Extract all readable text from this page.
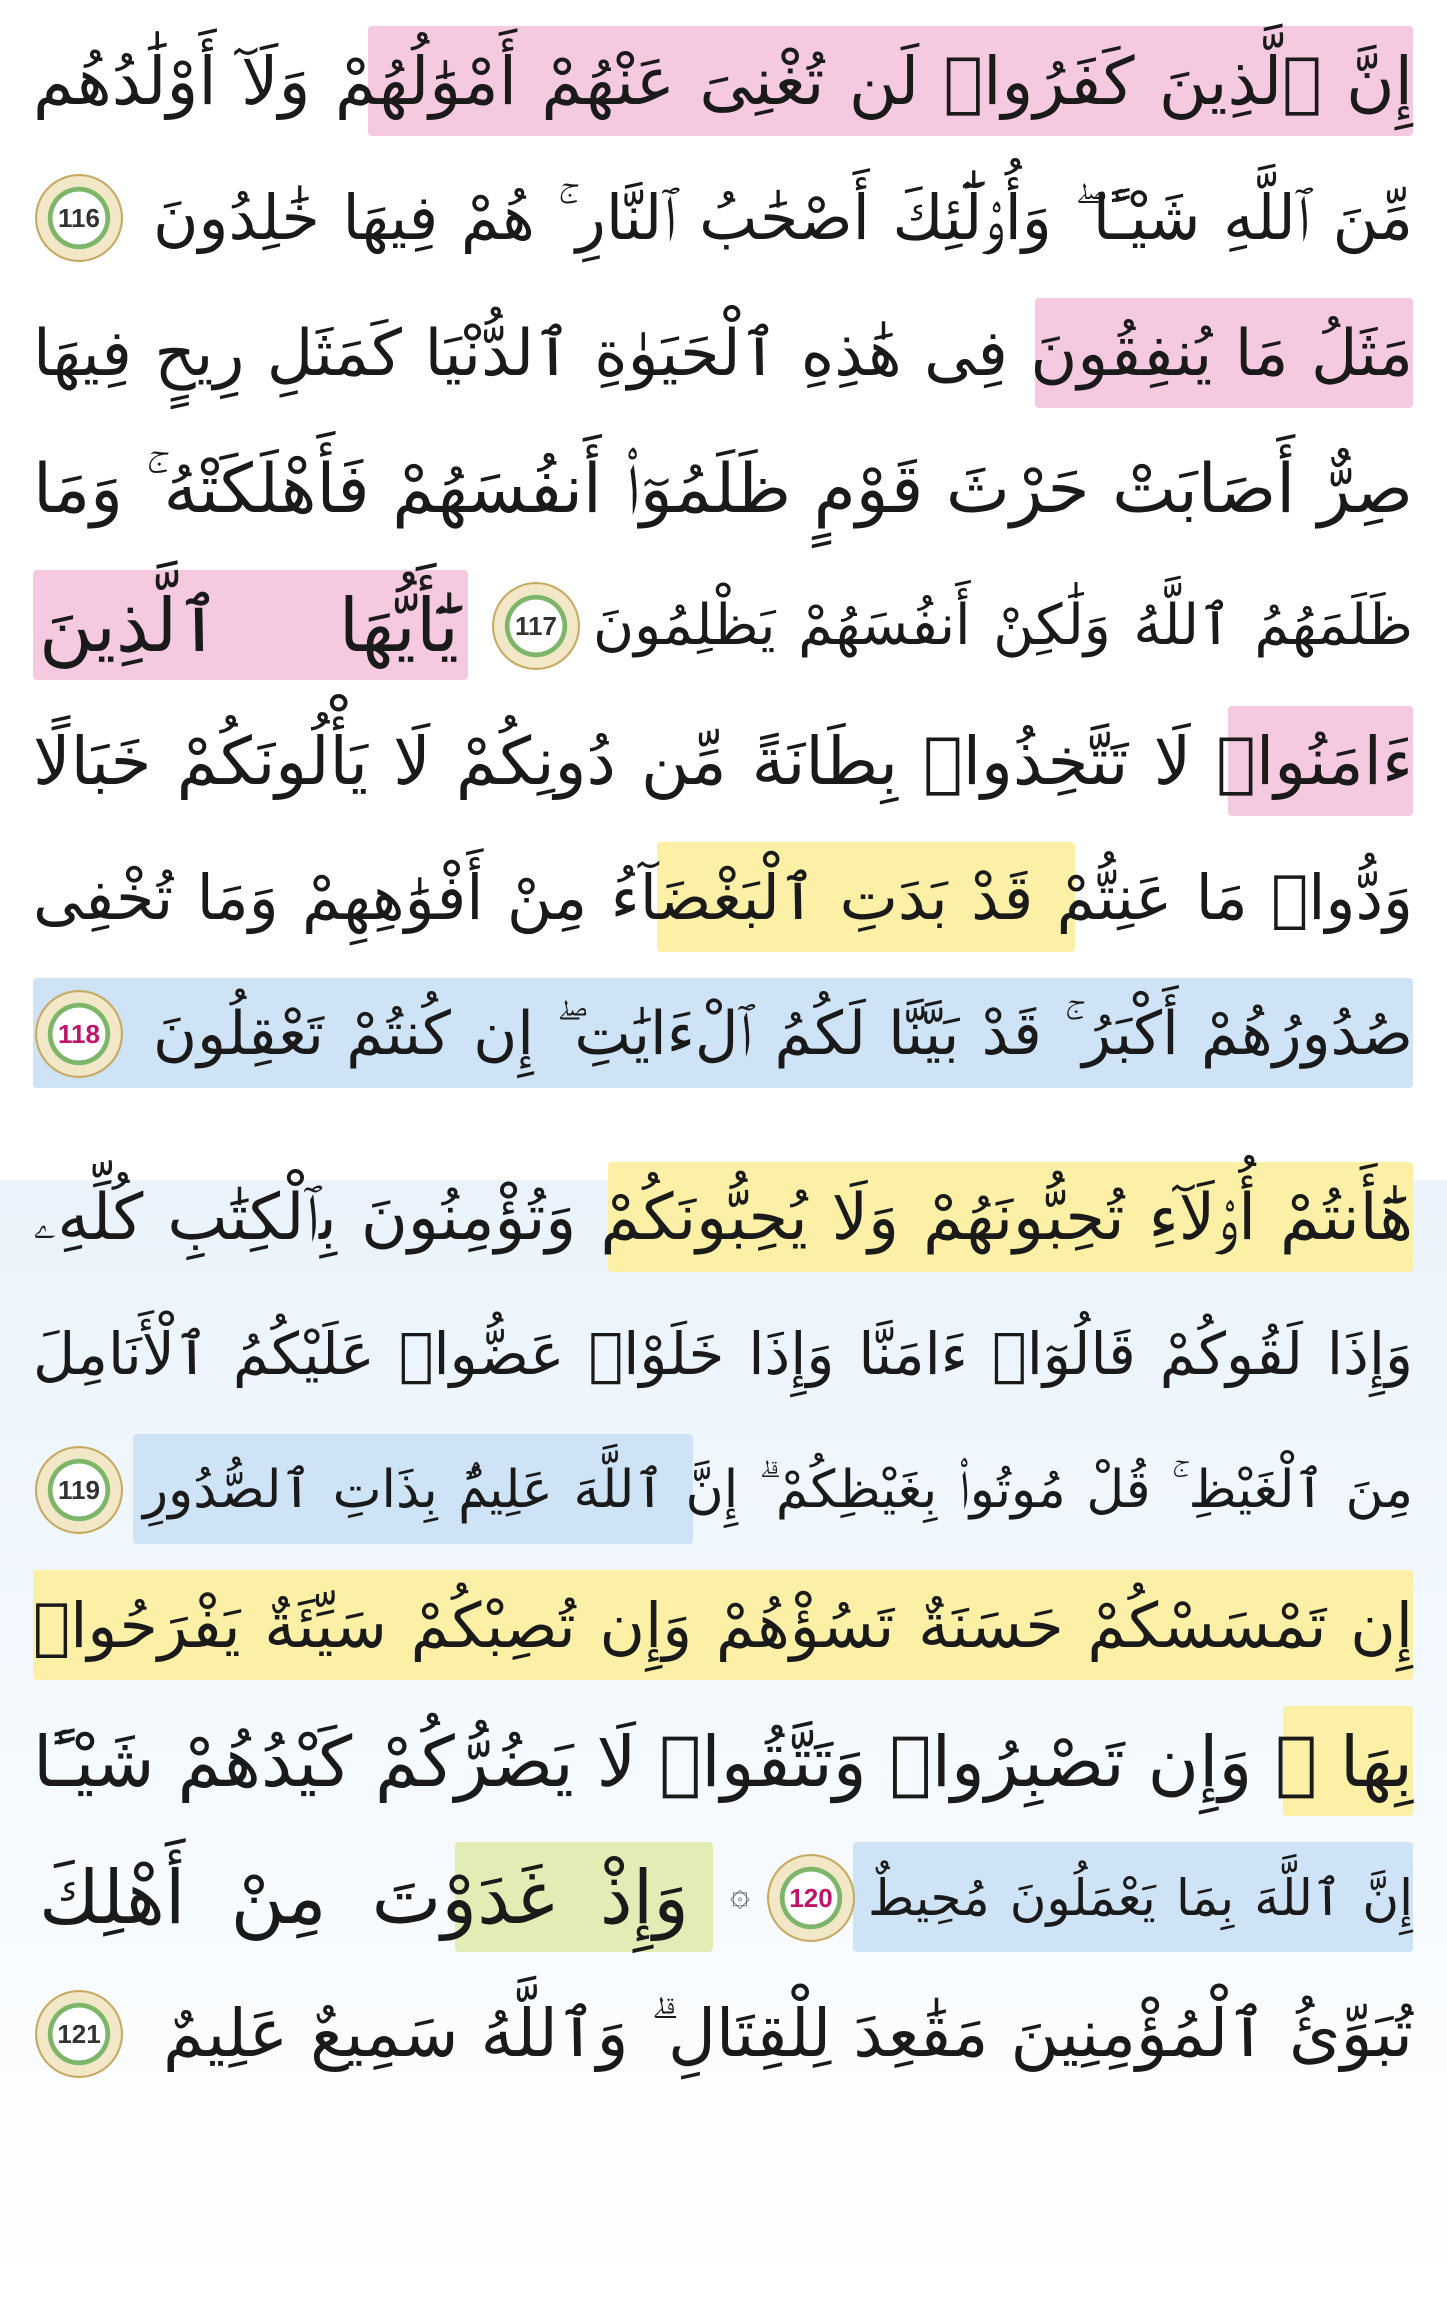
إِنَّ ٱلَّذِينَ كَفَرُوا۟ لَن تُغْنِىَ عَنْهُمْ أَمْوَٰلُهُمْ وَلَآ أَوْلَٰدُهُم
مِّنَ ٱللَّهِ شَيْـًٔا ۖ وَأُو۟لَٰٓئِكَ أَصْحَٰبُ ٱلنَّارِ ۚ هُمْ فِيهَا خَٰلِدُونَ
116
مَثَلُ مَا يُنفِقُونَ فِى هَٰذِهِ ٱلْحَيَوٰةِ ٱلدُّنْيَا كَمَثَلِ رِيحٍ فِيهَا
صِرٌّ أَصَابَتْ حَرْثَ قَوْمٍ ظَلَمُوٓا۟ أَنفُسَهُمْ فَأَهْلَكَتْهُ ۚ وَمَا
ظَلَمَهُمُ ٱللَّهُ وَلَٰكِنْ أَنفُسَهُمْ يَظْلِمُونَ
117
يَٰٓأَيُّهَا ٱلَّذِينَ
ءَامَنُوا۟ لَا تَتَّخِذُوا۟ بِطَانَةً مِّن دُونِكُمْ لَا يَأْلُونَكُمْ خَبَالًا
وَدُّوا۟ مَا عَنِتُّمْ قَدْ بَدَتِ ٱلْبَغْضَآءُ مِنْ أَفْوَٰهِهِمْ وَمَا تُخْفِى
صُدُورُهُمْ أَكْبَرُ ۚ قَدْ بَيَّنَّا لَكُمُ ٱلْءَايَٰتِ ۖ إِن كُنتُمْ تَعْقِلُونَ
118
هَٰٓأَنتُمْ أُو۟لَآءِ تُحِبُّونَهُمْ وَلَا يُحِبُّونَكُمْ وَتُؤْمِنُونَ بِٱلْكِتَٰبِ كُلِّهِۦ
وَإِذَا لَقُوكُمْ قَالُوٓا۟ ءَامَنَّا وَإِذَا خَلَوْا۟ عَضُّوا۟ عَلَيْكُمُ ٱلْأَنَامِلَ
مِنَ ٱلْغَيْظِ ۚ قُلْ مُوتُوا۟ بِغَيْظِكُمْ ۗ إِنَّ ٱللَّهَ عَلِيمٌۢ بِذَاتِ ٱلصُّدُورِ
119
إِن تَمْسَسْكُمْ حَسَنَةٌ تَسُؤْهُمْ وَإِن تُصِبْكُمْ سَيِّئَةٌ يَفْرَحُوا۟
بِهَا ۖ وَإِن تَصْبِرُوا۟ وَتَتَّقُوا۟ لَا يَضُرُّكُمْ كَيْدُهُمْ شَيْـًٔا
إِنَّ ٱللَّهَ بِمَا يَعْمَلُونَ مُحِيطٌ
120
۞
وَإِذْ غَدَوْتَ مِنْ أَهْلِكَ
تُبَوِّئُ ٱلْمُؤْمِنِينَ مَقَٰعِدَ لِلْقِتَالِ ۗ وَٱللَّهُ سَمِيعٌ عَلِيمٌ
121
